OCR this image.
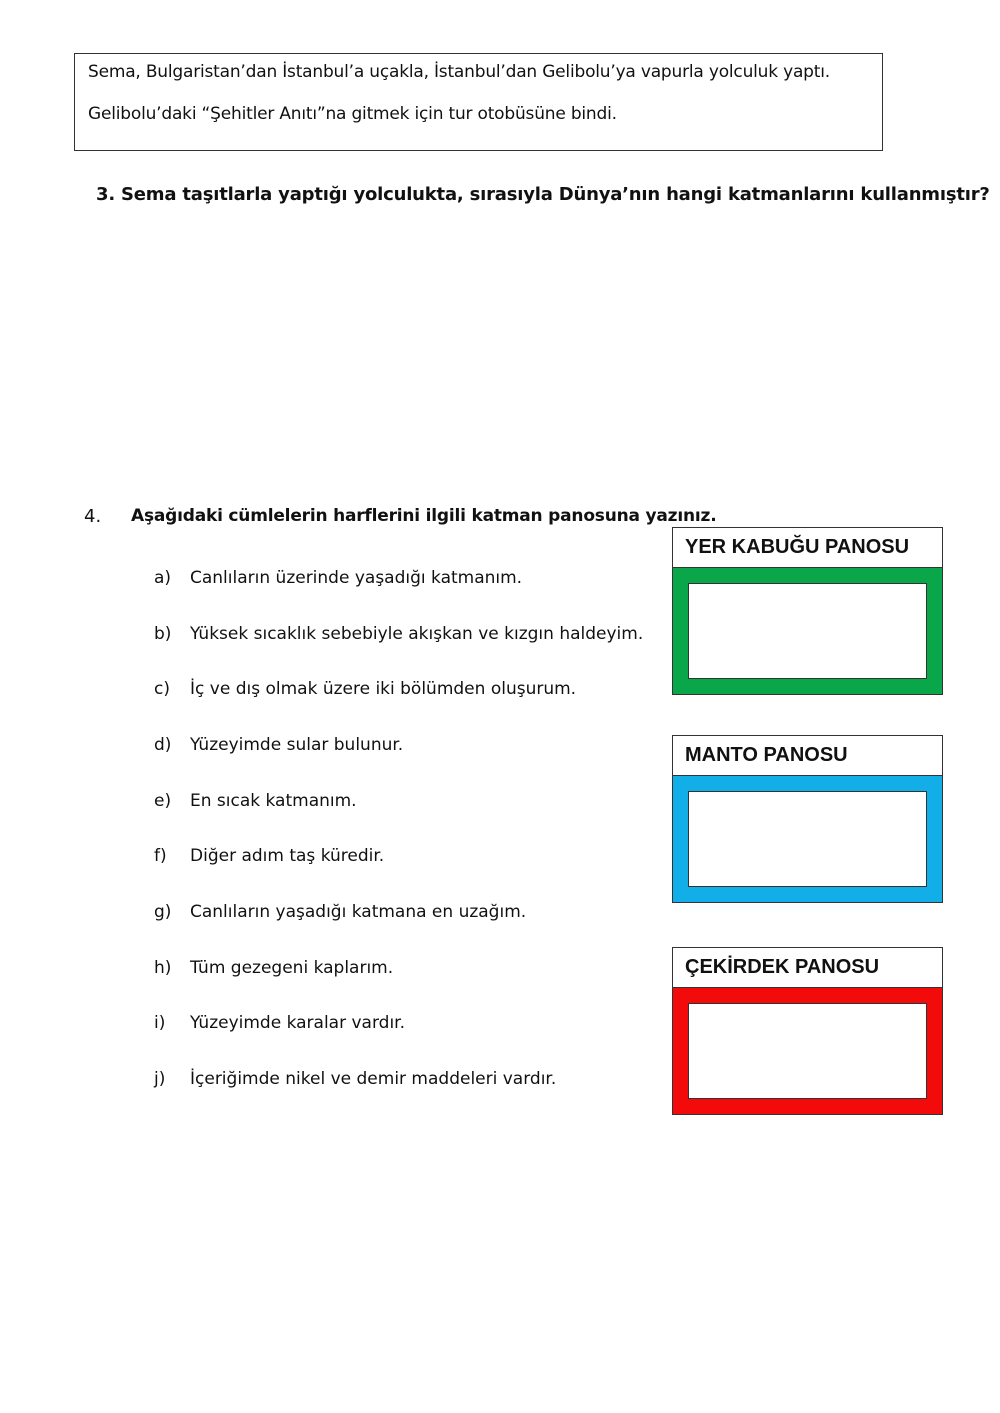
Sema, Bulgaristan’dan İstanbul’a uçakla, İstanbul’dan Gelibolu’ya vapurla yolculuk yaptı.
Gelibolu’daki “Şehitler Anıtı”na gitmek için tur otobüsüne bindi.
3. Sema taşıtlarla yaptığı yolculukta, sırasıyla Dünya’nın hangi katmanlarını kullanmıştır?
4. Aşağıdaki cümlelerin harflerini ilgili katman panosuna yazınız.
a) Canlıların üzerinde yaşadığı katmanım.
b) Yüksek sıcaklık sebebiyle akışkan ve kızgın haldeyim.
c) İç ve dış olmak üzere iki bölümden oluşurum.
d) Yüzeyimde sular bulunur.
e) En sıcak katmanım.
f) Diğer adım taş küredir.
g) Canlıların yaşadığı katmana en uzağım.
h) Tüm gezegeni kaplarım.
i) Yüzeyimde karalar vardır.
j) İçeriğimde nikel ve demir maddeleri vardır.
YER KABUĞU PANOSU
MANTO PANOSU
ÇEKİRDEK PANOSU
